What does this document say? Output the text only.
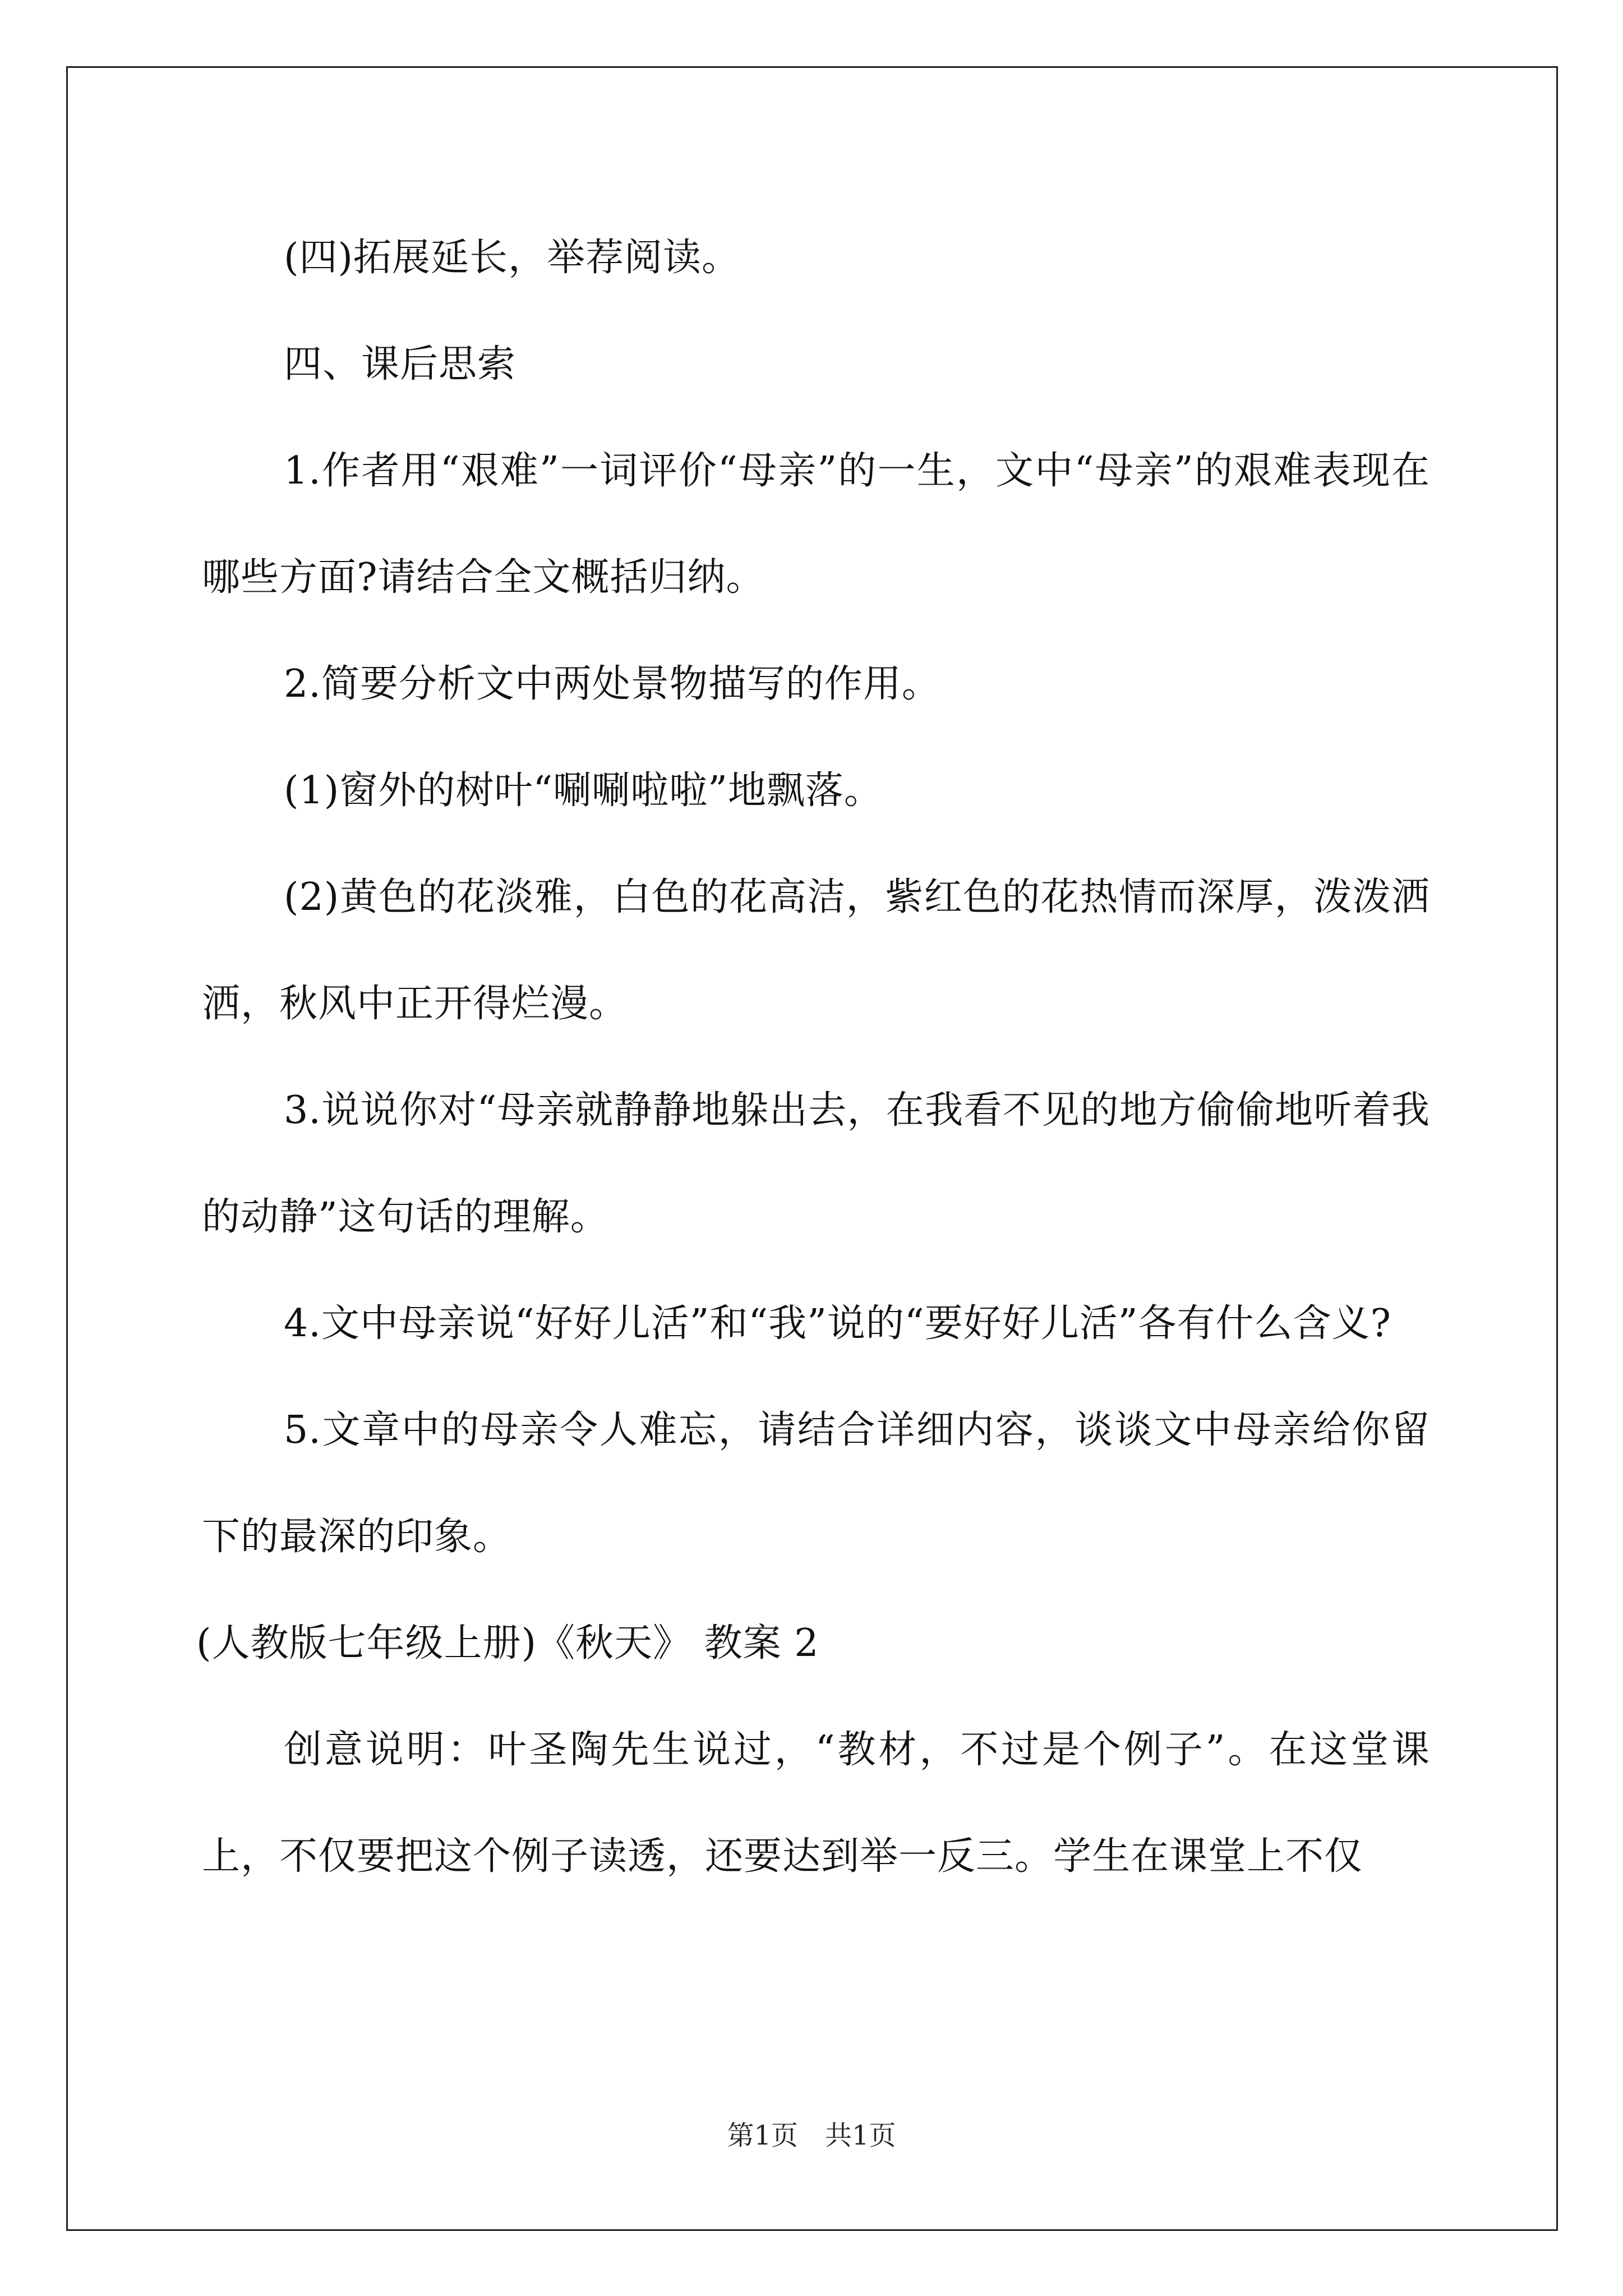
(四)拓展延长，举荐阅读。

四、课后思索

1.作者用“艰难”一词评价“母亲”的一生，文中“母亲”的艰难表现在哪些方面?请结合全文概括归纳。

2.简要分析文中两处景物描写的作用。

(1)窗外的树叶“唰唰啦啦”地飘落。

(2)黄色的花淡雅，白色的花高洁，紫红色的花热情而深厚，泼泼洒洒，秋风中正开得烂漫。

3.说说你对“母亲就静静地躲出去，在我看不见的地方偷偷地听着我的动静”这句话的理解。

4.文中母亲说“好好儿活”和“我”说的“要好好儿活”各有什么含义?

5.文章中的母亲令人难忘，请结合详细内容，谈谈文中母亲给你留下的最深的印象。

(人教版七年级上册)《秋天》 教案 2

创意说明：叶圣陶先生说过，“教材，不过是个例子”。在这堂课上，不仅要把这个例子读透，还要达到举一反三。学生在课堂上不仅

第1页　共1页
